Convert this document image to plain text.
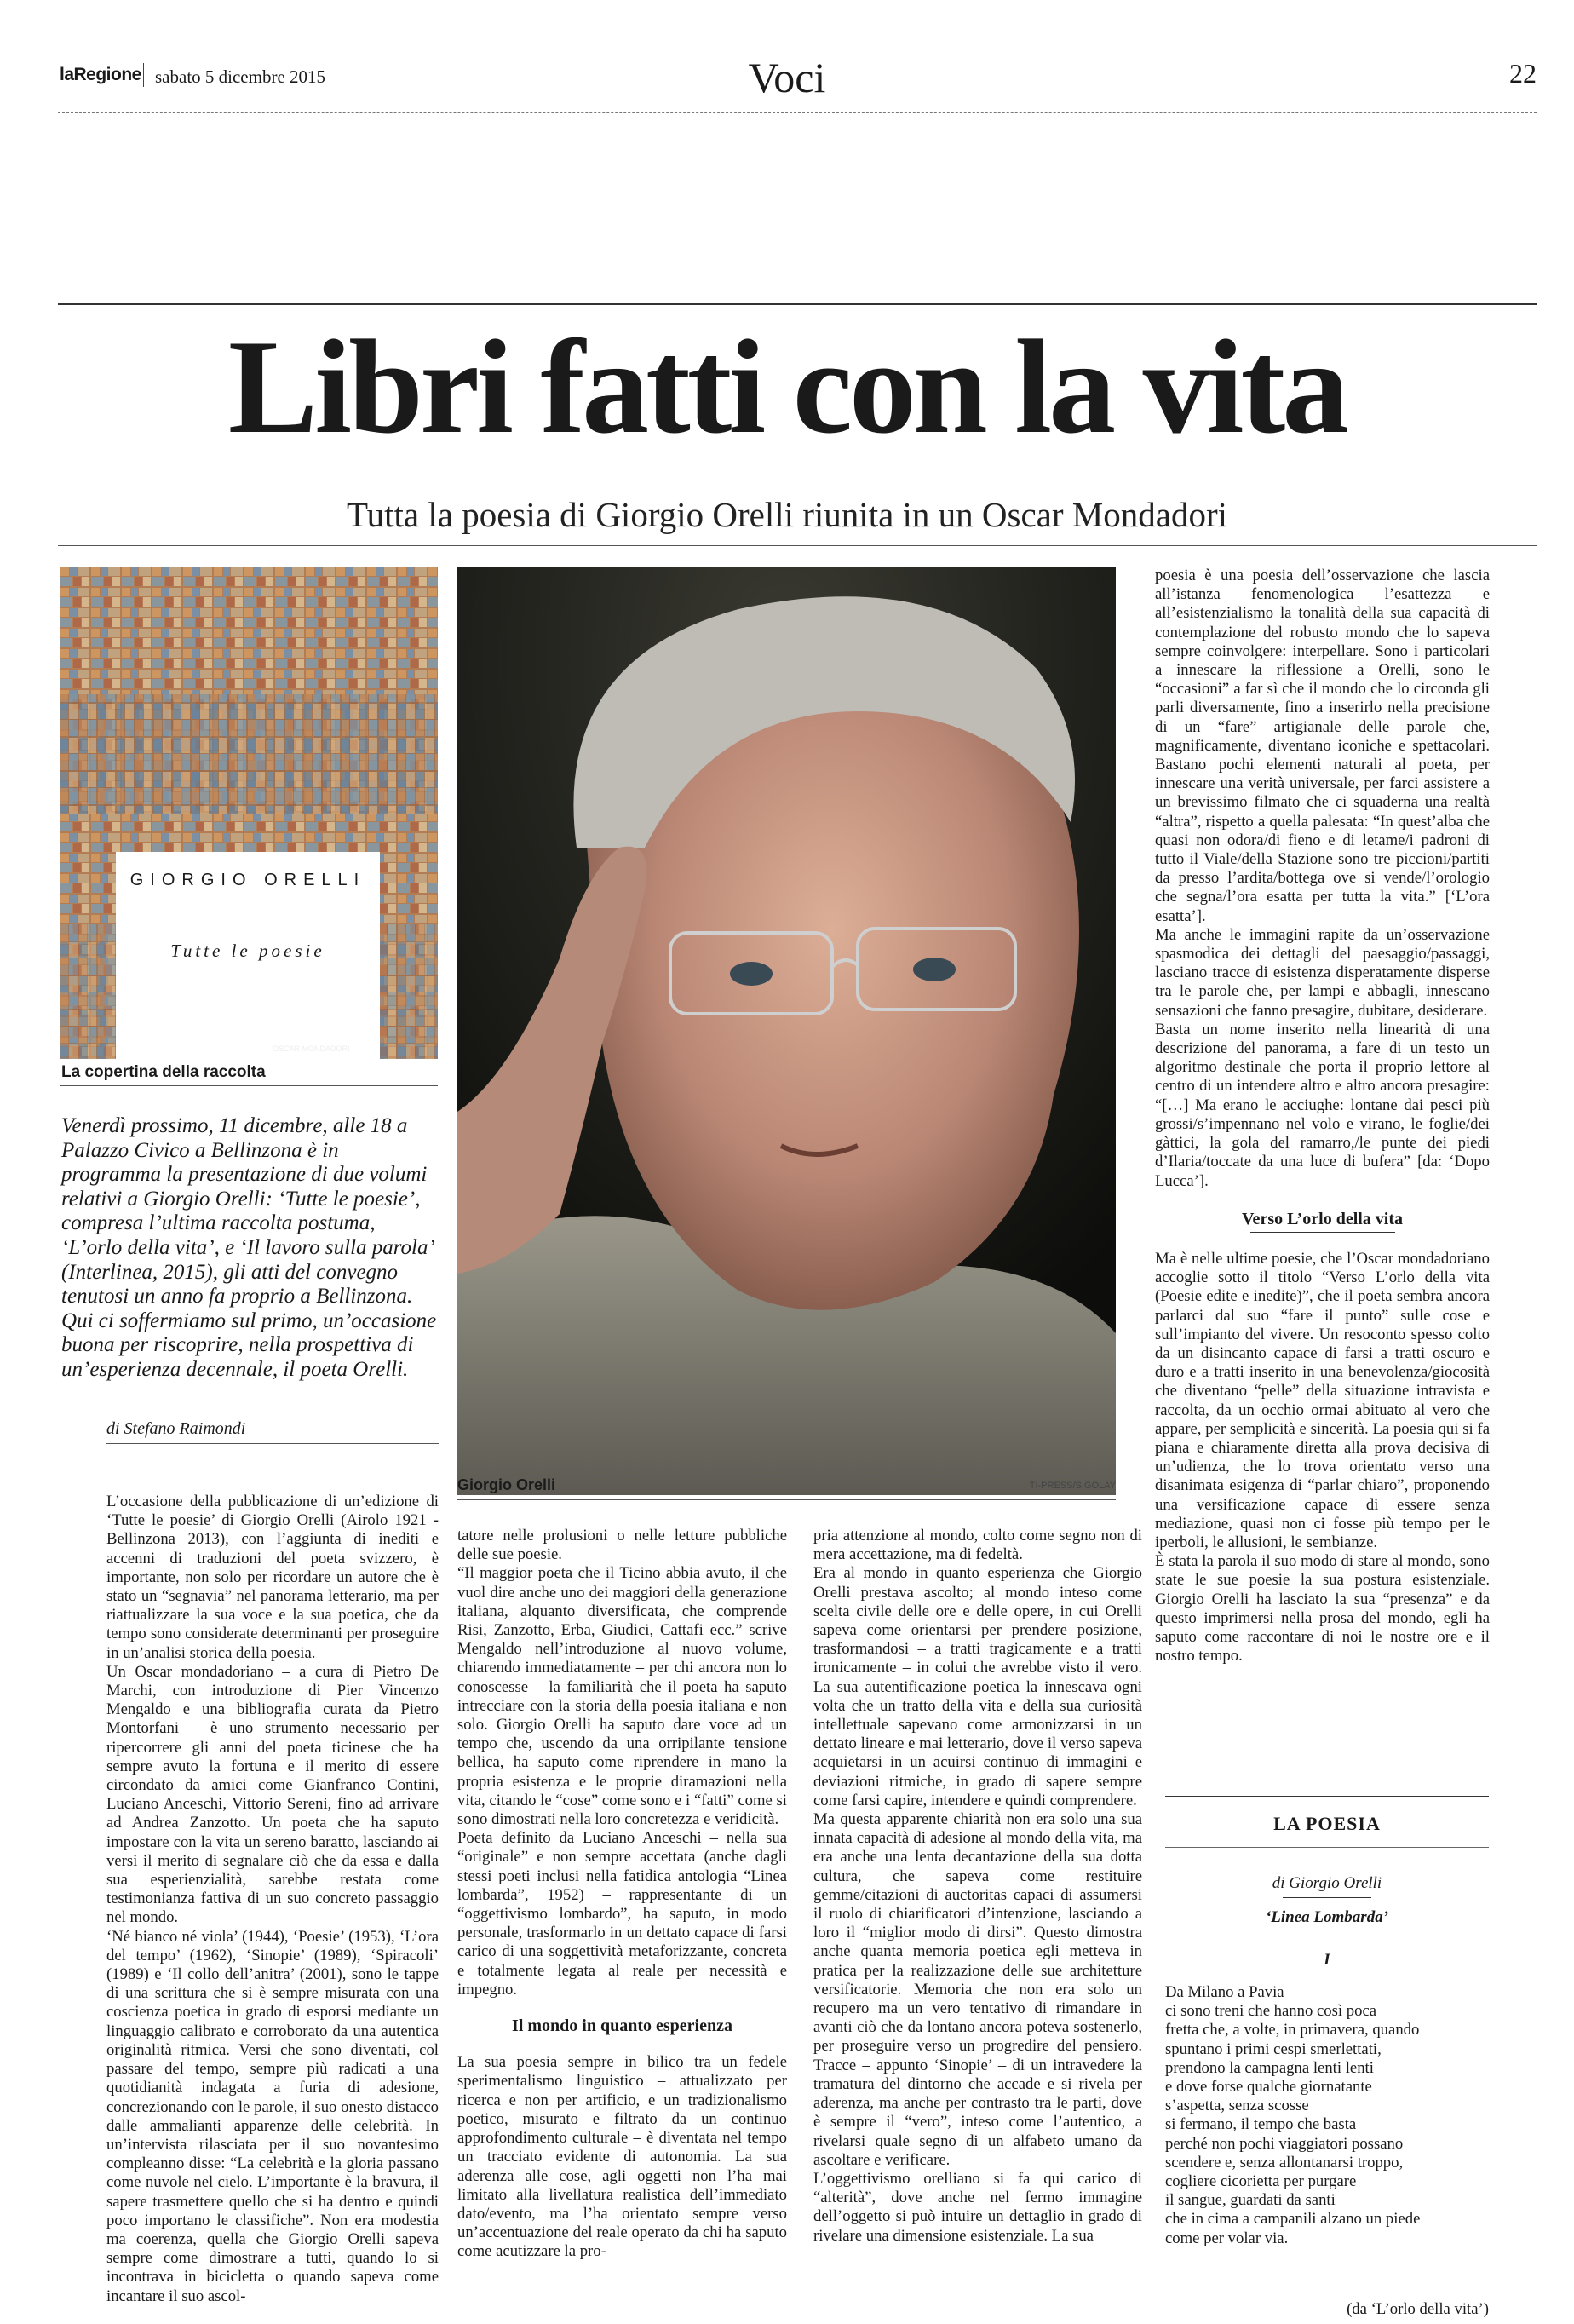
laRegione sabato 5 dicembre 2015	Voci	22
Libri fatti con la vita
Tutta la poesia di Giorgio Orelli riunita in un Oscar Mondadori
GIORGIO ORELLI
Tutte le poesie
OSCAR MONDADORI
La copertina della raccolta
Venerdì prossimo, 11 dicembre, alle 18 a Palazzo Civico a Bellinzona è in programma la presentazione di due volumi relativi a Giorgio Orelli: ‘Tutte le poesie’, compresa l’ultima raccolta postuma, ‘L’orlo della vita’, e ‘Il lavoro sulla parola’ (Interlinea, 2015), gli atti del convegno tenutosi un anno fa proprio a Bellinzona. Qui ci soffermiamo sul primo, un’occasione buona per riscoprire, nella prospettiva di un’esperienza decennale, il poeta Orelli.
Giorgio Orelli	TI-PRESS/S.GOLAY
di Stefano Raimondi

L’occasione della pubblicazione di un’edizione di ‘Tutte le poesie’ di Giorgio Orelli (Airolo 1921 - Bellinzona 2013), con l’aggiunta di inediti e accenni di traduzioni del poeta svizzero, è importante, non solo per ricordare un autore che è stato un “segnavia” nel panorama letterario, ma per riattualizzare la sua voce e la sua poetica, che da tempo sono considerate determinanti per proseguire in un’analisi storica della poesia.

Un Oscar mondadoriano – a cura di Pietro De Marchi, con introduzione di Pier Vincenzo Mengaldo e una bibliografia curata da Pietro Montorfani – è uno strumento necessario per ripercorrere gli anni del poeta ticinese che ha sempre avuto la fortuna e il merito di essere circondato da amici come Gianfranco Contini, Luciano Anceschi, Vittorio Sereni, fino ad arrivare ad Andrea Zanzotto. Un poeta che ha saputo impostare con la vita un sereno baratto, lasciando ai versi il merito di segnalare ciò che da essa e dalla sua esperienzialità, sarebbe restata come testimonianza fattiva di un suo concreto passaggio nel mondo.

‘Né bianco né viola’ (1944), ‘Poesie’ (1953), ‘L’ora del tempo’ (1962), ‘Sinopie’ (1989), ‘Spiracoli’ (1989) e ‘Il collo dell’anitra’ (2001), sono le tappe di una scrittura che si è sempre misurata con una coscienza poetica in grado di esporsi mediante un linguaggio calibrato e corroborato da una autentica originalità ritmica. Versi che sono diventati, col passare del tempo, sempre più radicati a una quotidianità indagata a furia di adesione, concrezionando con le parole, il suo onesto distacco dalle ammalianti apparenze delle celebrità. In un’intervista rilasciata per il suo novantesimo compleanno disse: “La celebrità e la gloria passano come nuvole nel cielo. L’importante è la bravura, il sapere trasmettere quello che si ha dentro e quindi poco importano le classifiche”. Non era modestia ma coerenza, quella che Giorgio Orelli sapeva sempre come dimostrare a tutti, quando lo si incontrava in bicicletta o quando sapeva come incantare il suo ascol-

tatore nelle prolusioni o nelle letture pubbliche delle sue poesie.

“Il maggior poeta che il Ticino abbia avuto, il che vuol dire anche uno dei maggiori della generazione italiana, alquanto diversificata, che comprende Risi, Zanzotto, Erba, Giudici, Cattafi ecc.” scrive Mengaldo nell’introduzione al nuovo volume, chiarendo immediatamente – per chi ancora non lo conoscesse – la familiarità che il poeta ha saputo intrecciare con la storia della poesia italiana e non solo. Giorgio Orelli ha saputo dare voce ad un tempo che, uscendo da una orripilante tensione bellica, ha saputo come riprendere in mano la propria esistenza e le proprie diramazioni nella vita, citando le “cose” come sono e i “fatti” come si sono dimostrati nella loro concretezza e veridicità.

Poeta definito da Luciano Anceschi – nella sua “originale” e non sempre accettata (anche dagli stessi poeti inclusi nella fatidica antologia “Linea lombarda”, 1952) – rappresentante di un “oggettivismo lombardo”, ha saputo, in modo personale, trasformarlo in un dettato capace di farsi carico di una soggettività metaforizzante, concreta e totalmente legata al reale per necessità e impegno.

Il mondo in quanto esperienza

La sua poesia sempre in bilico tra un fedele sperimentalismo linguistico – attualizzato per ricerca e non per artificio, e un tradizionalismo poetico, misurato e filtrato da un continuo approfondimento culturale – è diventata nel tempo un tracciato evidente di autonomia. La sua aderenza alle cose, agli oggetti non l’ha mai limitato alla livellatura realistica dell’immediato dato/evento, ma l’ha orientato sempre verso un’accentuazione del reale operato da chi ha saputo come acutizzare la pro-

pria attenzione al mondo, colto come segno non di mera accettazione, ma di fedeltà.

Era al mondo in quanto esperienza che Giorgio Orelli prestava ascolto; al mondo inteso come scelta civile delle ore e delle opere, in cui Orelli sapeva come orientarsi per prendere posizione, trasformandosi – a tratti tragicamente e a tratti ironicamente – in colui che avrebbe visto il vero. La sua autentificazione poetica la innescava ogni volta che un tratto della vita e della sua curiosità intellettuale sapevano come armonizzarsi in un dettato lineare e mai letterario, dove il verso sapeva acquietarsi in un acuirsi continuo di immagini e deviazioni ritmiche, in grado di sapere sempre come farsi capire, intendere e quindi comprendere.

Ma questa apparente chiarità non era solo una sua innata capacità di adesione al mondo della vita, ma era anche una lenta decantazione della sua dotta cultura, che sapeva come restituire gemme/citazioni di auctoritas capaci di assumersi il ruolo di chiarificatori d’intenzione, lasciando a loro il “miglior modo di dirsi”. Questo dimostra anche quanta memoria poetica egli metteva in pratica per la realizzazione delle sue architetture versificatorie. Memoria che non era solo un recupero ma un vero tentativo di rimandare in avanti ciò che da lontano ancora poteva sostenerlo, per proseguire verso un progredire del pensiero. Tracce – appunto ‘Sinopie’ – di un intravedere la tramatura del dintorno che accade e si rivela per aderenza, ma anche per contrasto tra le parti, dove è sempre il “vero”, inteso come l’autentico, a rivelarsi quale segno di un alfabeto umano da ascoltare e verificare.

L’oggettivismo orelliano si fa qui carico di “alterità”, dove anche nel fermo immagine dell’oggetto si può intuire un dettaglio in grado di rivelare una dimensione esistenziale. La sua

poesia è una poesia dell’osservazione che lascia all’istanza fenomenologica l’esattezza e all’esistenzialismo la tonalità della sua capacità di contemplazione del robusto mondo che lo sapeva sempre coinvolgere: interpellare. Sono i particolari a innescare la riflessione a Orelli, sono le “occasioni” a far sì che il mondo che lo circonda gli parli diversamente, fino a inserirlo nella precisione di un “fare” artigianale delle parole che, magnificamente, diventano iconiche e spettacolari. Bastano pochi elementi naturali al poeta, per innescare una verità universale, per farci assistere a un brevissimo filmato che ci squaderna una realtà “altra”, rispetto a quella palesata: “In quest’alba che quasi non odora/di fieno e di letame/i padroni di tutto il Viale/della Stazione sono tre piccioni/partiti da presso l’ardita/bottega ove si vende/l’orologio che segna/l’ora esatta per tutta la vita.” [‘L’ora esatta’].

Ma anche le immagini rapite da un’osservazione spasmodica dei dettagli del paesaggio/passaggi, lasciano tracce di esistenza disperatamente disperse tra le parole che, per lampi e abbagli, innescano sensazioni che fanno presagire, dubitare, desiderare.

Basta un nome inserito nella linearità di una descrizione del panorama, a fare di un testo un algoritmo destinale che porta il proprio lettore al centro di un intendere altro e altro ancora presagire: “[…] Ma erano le acciughe: lontane dai pesci più grossi/s’impennano nel volo e virano, le foglie/dei gàttici, la gola del ramarro,/le punte dei piedi d’Ilaria/toccate da una luce di bufera” [da: ‘Dopo Lucca’].

Verso L’orlo della vita

Ma è nelle ultime poesie, che l’Oscar mondadoriano accoglie sotto il titolo “Verso L’orlo della vita (Poesie edite e inedite)”, che il poeta sembra ancora parlarci dal suo “fare il punto” sulle cose e sull’impianto del vivere. Un resoconto spesso colto da un disincanto capace di farsi a tratti oscuro e duro e a tratti inserito in una benevolenza/giocosità che diventano “pelle” della situazione intravista e raccolta, da un occhio ormai abituato al vero che appare, per semplicità e sincerità. La poesia qui si fa piana e chiaramente diretta alla prova decisiva di un’udienza, che lo trova orientato verso una disanimata esigenza di “parlar chiaro”, proponendo una versificazione capace di essere senza mediazione, quasi non ci fosse più tempo per le iperboli, le allusioni, le sembianze.

È stata la parola il suo modo di stare al mondo, sono state le sue poesie la sua postura esistenziale. Giorgio Orelli ha lasciato la sua “presenza” e da questo imprimersi nella prosa del mondo, egli ha saputo come raccontare di noi le nostre ore e il nostro tempo.

LA POESIA
di Giorgio Orelli
‘Linea Lombarda’
I
Da Milano a Pavia
ci sono treni che hanno così poca
fretta che, a volte, in primavera, quando
spuntano i primi cespi smerlettati,
prendono la campagna lenti lenti
e dove forse qualche giornatante
s’aspetta, senza scosse
si fermano, il tempo che basta
perché non pochi viaggiatori possano
scendere e, senza allontanarsi troppo,
cogliere cicorietta per purgare
il sangue, guardati da santi
che in cima a campanili alzano un piede
come per volar via.
(da ‘L’orlo della vita’)
